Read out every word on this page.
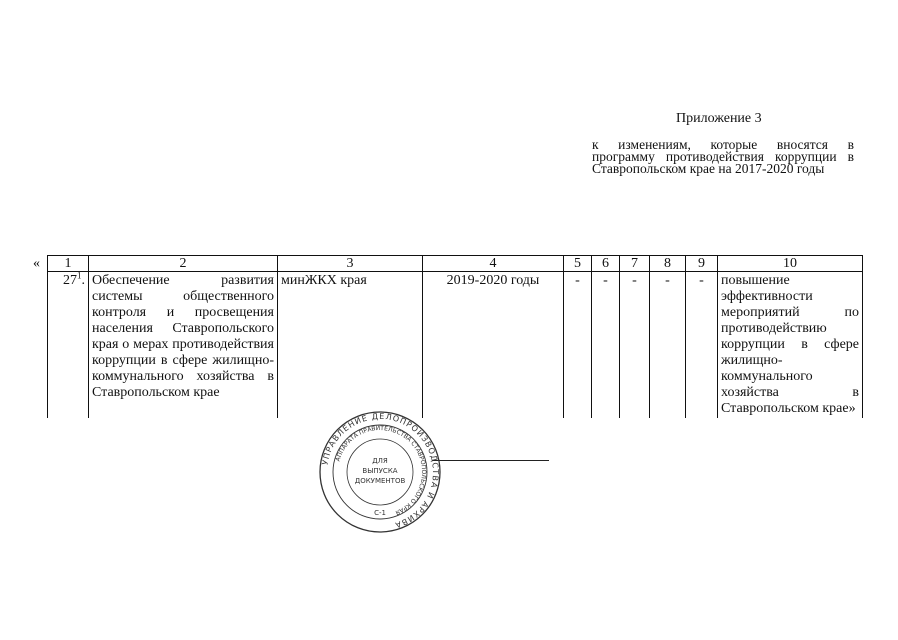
Приложение 3
к изменениям, которые вносятся в программу противодействия коррупции в Ставропольском крае на 2017-2020 годы
« 1	2	3	4	5	6	7	8	9	10
$27^1$.	Обеспечение развития системы общественного контроля и просвещения населения Ставропольского края о мерах противодействия коррупции в сфере жилищно-коммунального хозяйства в Ставропольском крае	минЖКХ края	2019-2020 годы	-	-	-	-	-	повышение эффективности мероприятий по противодействию коррупции в сфере жилищно-коммунального хозяйства в Ставропольском крае»
УПРАВЛЕНИЕ ДЕЛОПРОИЗВОДСТВА И АРХИВА
АППАРАТА ПРАВИТЕЛЬСТВА СТАВРОПОЛЬСКОГО КРАЯ
ДЛЯ
ВЫПУСКА
ДОКУМЕНТОВ
С-1
